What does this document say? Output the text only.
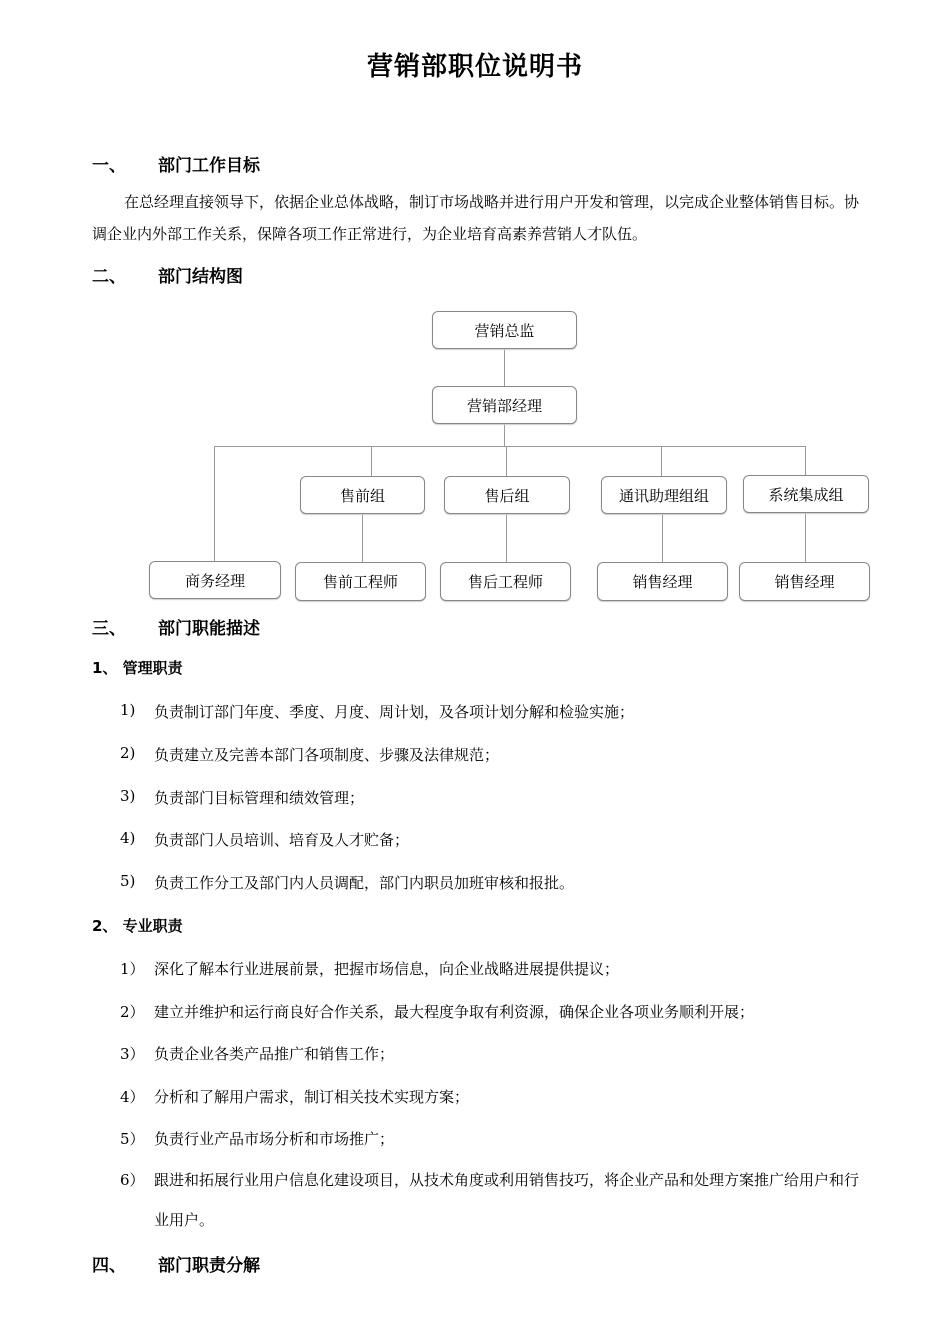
营销部职位说明书
一、 部门工作目标
在总经理直接领导下，依据企业总体战略，制订市场战略并进行用户开发和管理，以完成企业整体销售目标。协调企业内外部工作关系，保障各项工作正常进行，为企业培育高素养营销人才队伍。
二、 部门结构图
营销总监
营销部经理
售前组	售后组	通讯助理组组	系统集成组
商务经理	售前工程师	售后工程师	销售经理	销售经理
三、 部门职能描述
1、 管理职责
1) 负责制订部门年度、季度、月度、周计划，及各项计划分解和检验实施；
2) 负责建立及完善本部门各项制度、步骤及法律规范；
3) 负责部门目标管理和绩效管理；
4) 负责部门人员培训、培育及人才贮备；
5) 负责工作分工及部门内人员调配，部门内职员加班审核和报批。
2、 专业职责
1） 深化了解本行业进展前景，把握市场信息，向企业战略进展提供提议；
2） 建立并维护和运行商良好合作关系，最大程度争取有利资源，确保企业各项业务顺利开展；
3） 负责企业各类产品推广和销售工作；
4） 分析和了解用户需求，制订相关技术实现方案；
5） 负责行业产品市场分析和市场推广；
6） 跟进和拓展行业用户信息化建设项目，从技术角度或利用销售技巧，将企业产品和处理方案推广给用户和行业用户。
四、 部门职责分解
